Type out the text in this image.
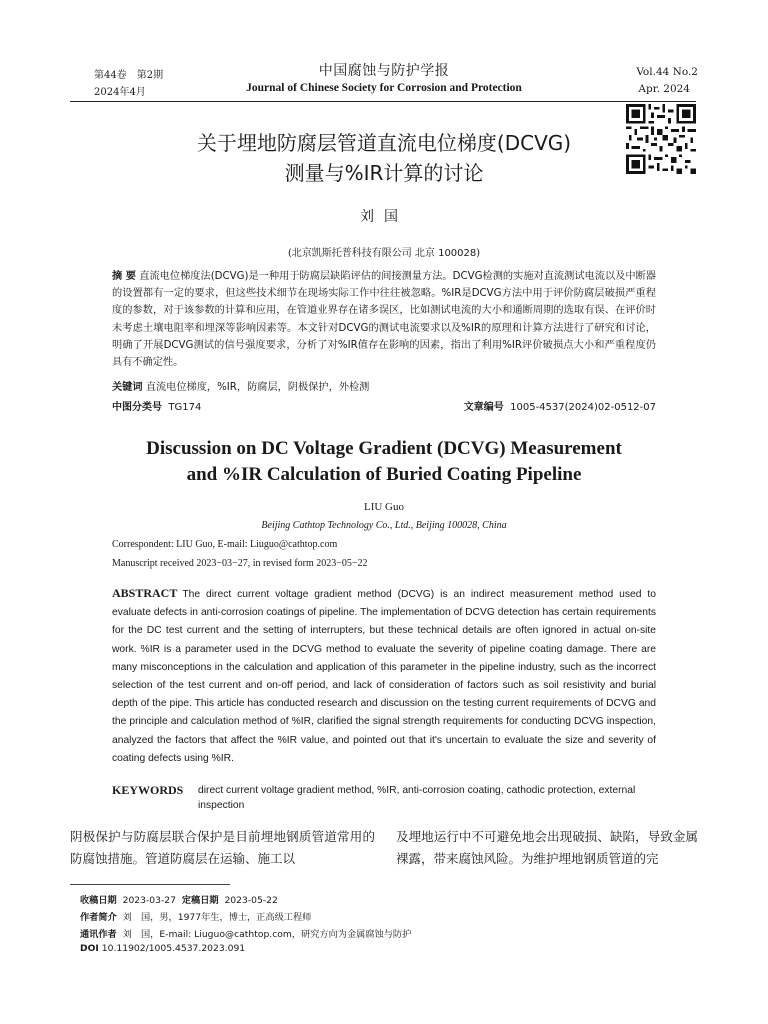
第44卷　第2期
2024年4月
中国腐蚀与防护学报
Journal of Chinese Society for Corrosion and Protection
Vol.44 No.2
Apr. 2024
关于埋地防腐层管道直流电位梯度(DCVG)
测量与%IR计算的讨论
刘国
(北京凯斯托普科技有限公司 北京 100028)
摘 要 直流电位梯度法(DCVG)是一种用于防腐层缺陷评估的间接测量方法。DCVG检测的实施对直流测试电流以及中断器的设置都有一定的要求，但这些技术细节在现场实际工作中往往被忽略。%IR是DCVG方法中用于评价防腐层破损严重程度的参数，对于该参数的计算和应用，在管道业界存在诸多误区，比如测试电流的大小和通断周期的选取有误、在评价时未考虑土壤电阻率和埋深等影响因素等。本文针对DCVG的测试电流要求以及%IR的原理和计算方法进行了研究和讨论，明确了开展DCVG测试的信号强度要求，分析了对%IR值存在影响的因素，指出了利用%IR评价破损点大小和严重程度仍具有不确定性。
关键词 直流电位梯度，%IR，防腐层，阴极保护，外检测
中图分类号 TG174	文章编号 1005-4537(2024)02-0512-07
Discussion on DC Voltage Gradient (DCVG) Measurement
and %IR Calculation of Buried Coating Pipeline
LIU Guo
Beijing Cathtop Technology Co., Ltd., Beijing 100028, China
Correspondent: LIU Guo, E-mail: Liuguo@cathtop.com
Manuscript received 2023−03−27, in revised form 2023−05−22
ABSTRACT The direct current voltage gradient method (DCVG) is an indirect measurement method used to evaluate defects in anti-corrosion coatings of pipeline. The implementation of DCVG detection has certain requirements for the DC test current and the setting of interrupters, but these technical details are often ignored in actual on-site work. %IR is a parameter used in the DCVG method to evaluate the severity of pipeline coating damage. There are many misconceptions in the calculation and application of this parameter in the pipeline industry, such as the incorrect selection of the test current and on-off period, and lack of consideration of factors such as soil resistivity and burial depth of the pipe. This article has conducted research and discussion on the testing current requirements of DCVG and the principle and calculation method of %IR, clarified the signal strength requirements for conducting DCVG inspection, analyzed the factors that affect the %IR value, and pointed out that it's uncertain to evaluate the size and severity of coating defects using %IR.
KEYWORDS direct current voltage gradient method, %IR, anti-corrosion coating, cathodic protection, external inspection
阴极保护与防腐层联合保护是目前埋地钢质管道常用的防腐蚀措施。管道防腐层在运输、施工以
及埋地运行中不可避免地会出现破损、缺陷，导致金属裸露，带来腐蚀风险。为维护埋地钢质管道的完
收稿日期 2023-03-27 定稿日期 2023-05-22
作者简介 刘　国，男，1977年生，博士，正高级工程师
通讯作者 刘　国，E-mail: Liuguo@cathtop.com，研究方向为金属腐蚀与防护
DOI 10.11902/1005.4537.2023.091
